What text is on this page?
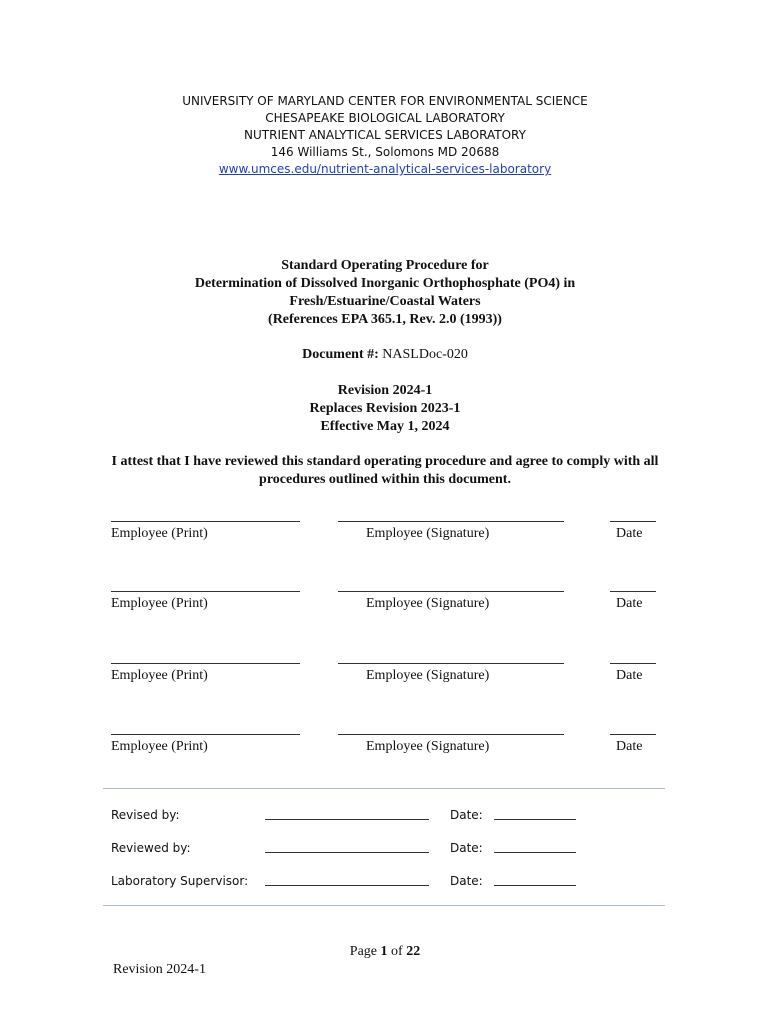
UNIVERSITY OF MARYLAND CENTER FOR ENVIRONMENTAL SCIENCE
CHESAPEAKE BIOLOGICAL LABORATORY
NUTRIENT ANALYTICAL SERVICES LABORATORY
146 Williams St., Solomons MD 20688
www.umces.edu/nutrient-analytical-services-laboratory
Standard Operating Procedure for
Determination of Dissolved Inorganic Orthophosphate (PO4) in
Fresh/Estuarine/Coastal Waters
(References EPA 365.1, Rev. 2.0 (1993))
Document #: NASLDoc-020
Revision 2024-1
Replaces Revision 2023-1
Effective May 1, 2024
I attest that I have reviewed this standard operating procedure and agree to comply with all procedures outlined within this document.
Employee (Print)	Employee (Signature)	Date
Employee (Print)	Employee (Signature)	Date
Employee (Print)	Employee (Signature)	Date
Employee (Print)	Employee (Signature)	Date
Revised by:	Date:
Reviewed by:	Date:
Laboratory Supervisor:	Date:
Page 1 of 22
Revision 2024-1
